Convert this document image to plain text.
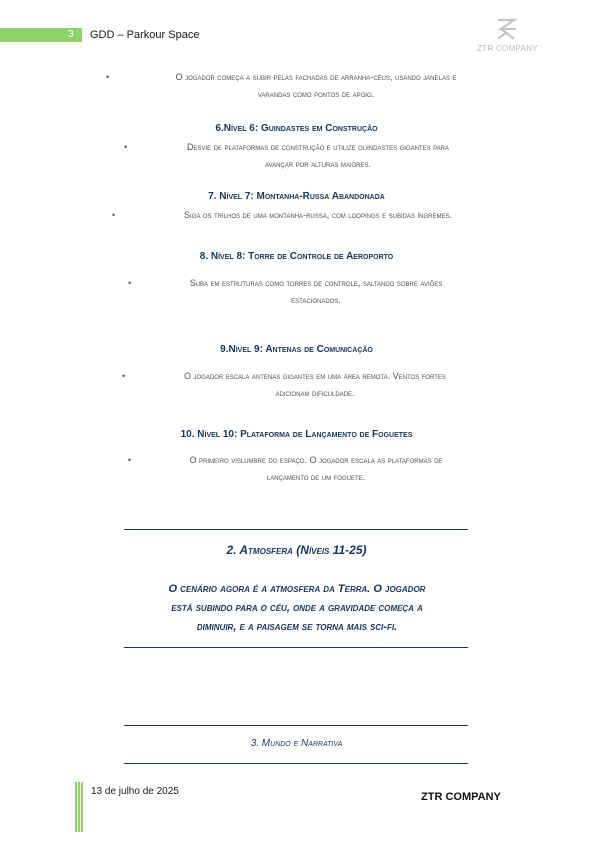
3	GDD – Parkour Space
ZTR COMPANY
•	O jogador começa a subir pelas fachadas de arranha-céus, usando janelas e
varandas como pontos de apoio.
6.Nível 6: Guindastes em Construção
•	Desvie de plataformas de construção e utilize guindastes gigantes para
avançar por alturas maiores.
7. Nível 7: Montanha-Russa Abandonada
•	Siga os trilhos de uma montanha-russa, com loopings e subidas íngremes.
8. Nível 8: Torre de Controle de Aeroporto
•	Suba em estruturas como torres de controle, saltando sobre aviões
estacionados.
9.Nível 9: Antenas de Comunicação
•	O jogador escala antenas gigantes em uma área remota. Ventos fortes
adicionam dificuldade.
10. Nível 10: Plataforma de Lançamento de Foguetes
•	O primeiro vislumbre do espaço. O jogador escala as plataformas de
lançamento de um foguete.
2. Atmosfera (Níveis 11-25)
O cenário agora é a atmosfera da Terra. O jogador
está subindo para o céu, onde a gravidade começa a
diminuir, e a paisagem se torna mais sci-fi.
3. Mundo e Narrativa
13 de julho de 2025	ZTR COMPANY
